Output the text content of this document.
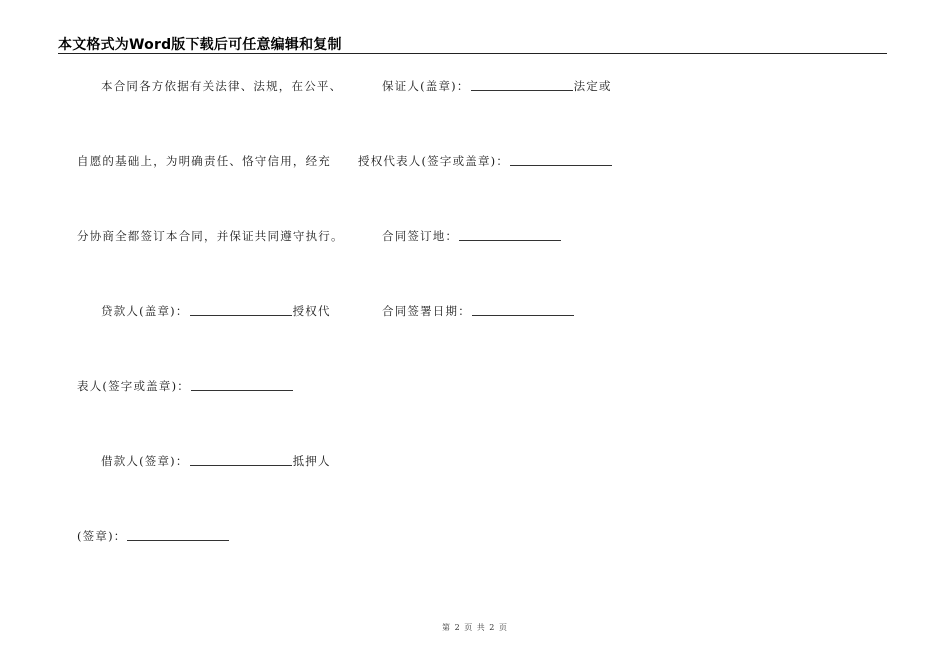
本文格式为Word版下载后可任意编辑和复制
本合同各方依据有关法律、法规，在公平、
自愿的基础上，为明确责任、恪守信用，经充
分协商全都签订本合同，并保证共同遵守执行。
贷款人(盖章)：	授权代
表人(签字或盖章)：
借款人(签章)：	抵押人
(签章)：
保证人(盖章)：	法定或
授权代表人(签字或盖章)：
合同签订地：
合同签署日期：
第 2 页 共 2 页
